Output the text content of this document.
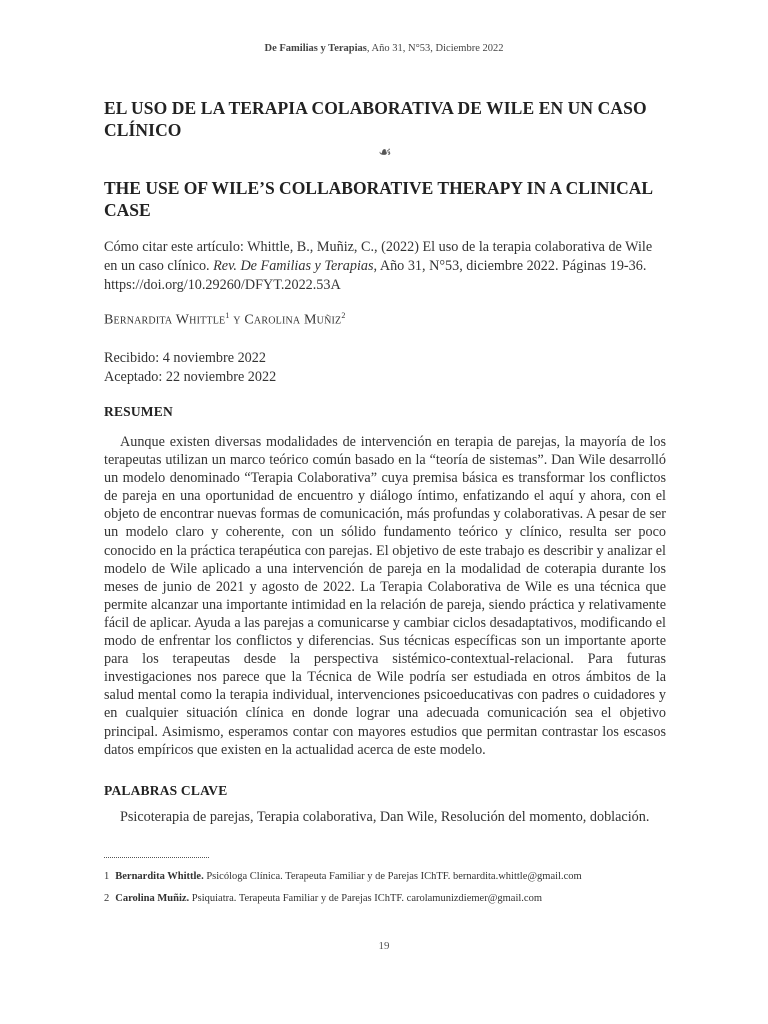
De Familias y Terapias, Año 31, N°53, Diciembre 2022
EL USO DE LA TERAPIA COLABORATIVA DE WILE EN UN CASO CLÍNICO
☙
THE USE OF WILE’S COLLABORATIVE THERAPY IN A CLINICAL CASE

Cómo citar este artículo: Whittle, B., Muñiz, C., (2022) El uso de la terapia colaborativa de Wile en un caso clínico. Rev. De Familias y Terapias, Año 31, N°53, diciembre 2022. Páginas 19-36. https://doi.org/10.29260/DFYT.2022.53A

Bernardita Whittle$^1$ y Carolina Muñiz$^2$

Recibido: 4 noviembre 2022
Aceptado: 22 noviembre 2022
RESUMEN

Aunque existen diversas modalidades de intervención en terapia de parejas, la mayoría de los terapeutas utilizan un marco teórico común basado en la “teoría de sistemas”. Dan Wile desarrolló un modelo denominado “Terapia Colaborativa” cuya premisa básica es transformar los conflictos de pareja en una oportunidad de encuentro y diálogo íntimo, enfatizando el aquí y ahora, con el objeto de encontrar nuevas formas de comunicación, más profundas y colaborativas. A pesar de ser un modelo claro y coherente, con un sólido fundamento teórico y clínico, resulta ser poco conocido en la práctica terapéutica con parejas. El objetivo de este trabajo es describir y analizar el modelo de Wile aplicado a una intervención de pareja en la modalidad de coterapia durante los meses de junio de 2021 y agosto de 2022. La Terapia Colaborativa de Wile es una técnica que permite alcanzar una importante intimidad en la relación de pareja, siendo práctica y relativamente fácil de aplicar. Ayuda a las parejas a comunicarse y cambiar ciclos desadaptativos, modificando el modo de enfrentar los conflictos y diferencias. Sus técnicas específicas son un importante aporte para los terapeutas desde la perspectiva sistémico-contextual-relacional. Para futuras investigaciones nos parece que la Técnica de Wile podría ser estudiada en otros ámbitos de la salud mental como la terapia individual, intervenciones psicoeducativas con padres o cuidadores y en cualquier situación clínica en donde lograr una adecuada comunicación sea el objetivo principal. Asimismo, esperamos contar con mayores estudios que permitan contrastar los escasos datos empíricos que existen en la actualidad acerca de este modelo.

PALABRAS CLAVE

Psicoterapia de parejas, Terapia colaborativa, Dan Wile, Resolución del momento, doblación.

1 Bernardita Whittle. Psicóloga Clínica. Terapeuta Familiar y de Parejas IChTF. bernardita.whittle@gmail.com

2 Carolina Muñiz. Psiquiatra. Terapeuta Familiar y de Parejas IChTF. carolamunizdiemer@gmail.com

19
